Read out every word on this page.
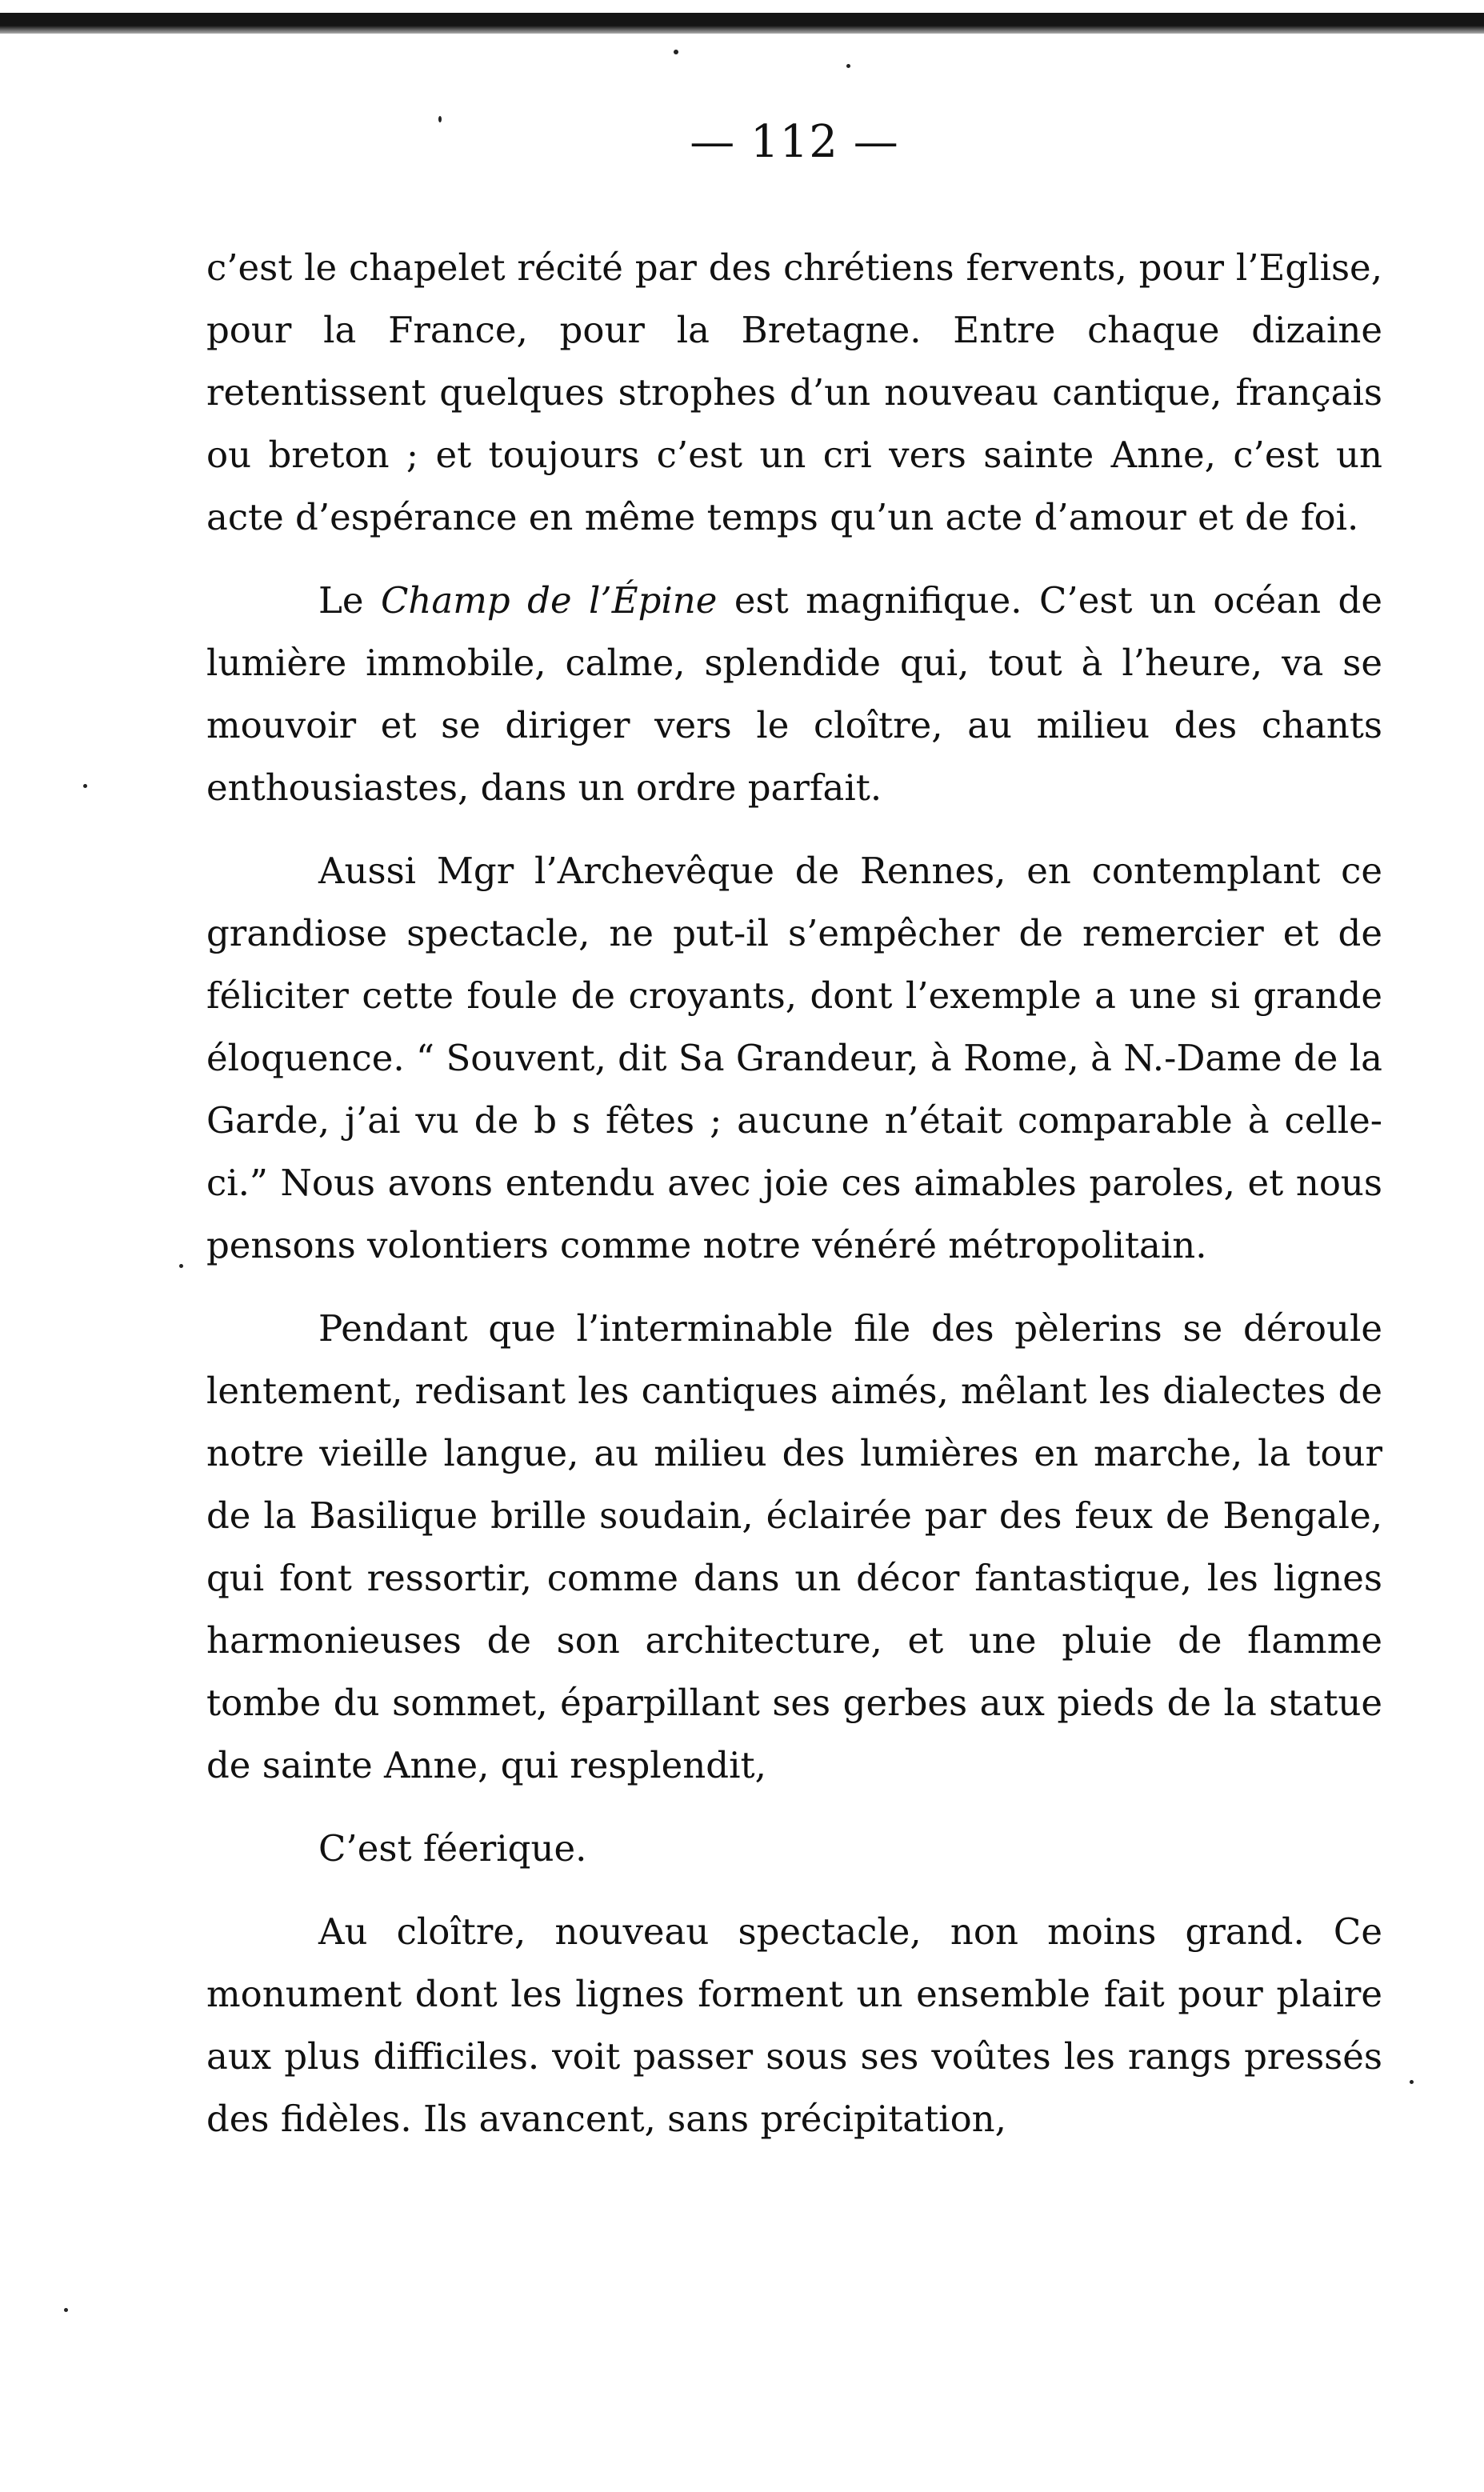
— 112 —

c’est le chapelet récité par des chrétiens fervents, pour l’Eglise, pour la France, pour la Bretagne. Entre chaque dizaine retentissent quelques strophes d’un nouveau cantique, français ou breton ; et toujours c’est un cri vers sainte Anne, c’est un acte d’espérance en même temps qu’un acte d’amour et de foi.

Le Champ de l’Épine est magnifique. C’est un océan de lumière immobile, calme, splendide qui, tout à l’heure, va se mouvoir et se diriger vers le cloître, au milieu des chants enthousiastes, dans un ordre parfait.

Aussi Mgr l’Archevêque de Rennes, en contemplant ce grandiose spectacle, ne put-il s’empêcher de remercier et de féliciter cette foule de croyants, dont l’exemple a une si grande éloquence. “ Souvent, dit Sa Grandeur, à Rome, à N.-Dame de la Garde, j’ai vu de b s fêtes ; aucune n’était comparable à celle-ci.” Nous avons entendu avec joie ces aimables paroles, et nous pensons volontiers comme notre vénéré métropolitain.

Pendant que l’interminable file des pèlerins se déroule lentement, redisant les cantiques aimés, mêlant les dialectes de notre vieille langue, au milieu des lumières en marche, la tour de la Basilique brille soudain, éclairée par des feux de Bengale, qui font ressortir, comme dans un décor fantastique, les lignes harmonieuses de son architecture, et une pluie de flamme tombe du sommet, éparpillant ses gerbes aux pieds de la statue de sainte Anne, qui resplendit,

C’est féerique.

Au cloître, nouveau spectacle, non moins grand. Ce monument dont les lignes forment un ensemble fait pour plaire aux plus difficiles. voit passer sous ses voûtes les rangs pressés des fidèles. Ils avancent, sans précipitation,
